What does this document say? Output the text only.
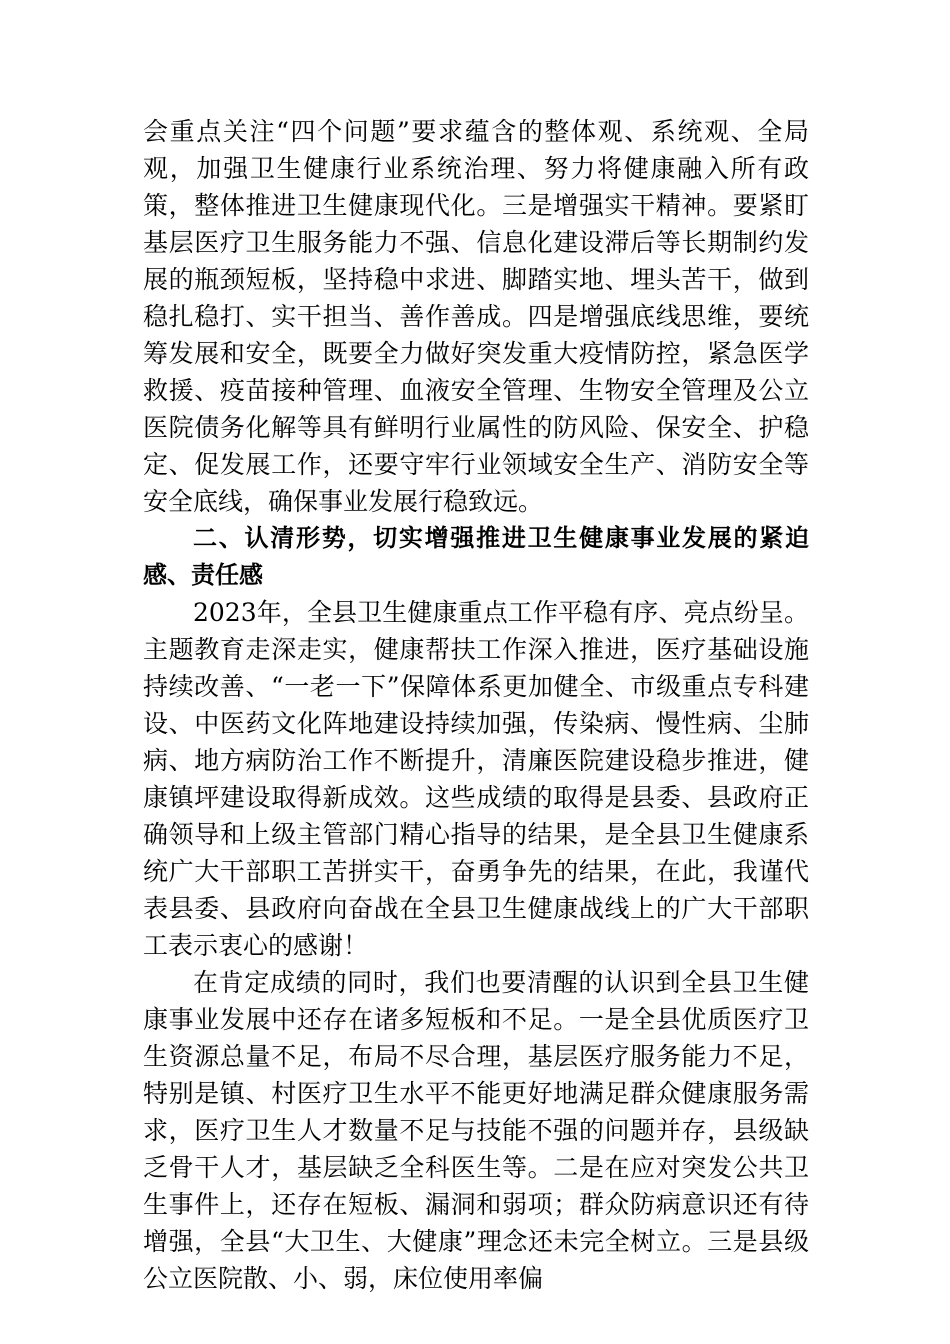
会重点关注“四个问题”要求蕴含的整体观、系统观、全局观，加强卫生健康行业系统治理、努力将健康融入所有政策，整体推进卫生健康现代化。三是增强实干精神。要紧盯基层医疗卫生服务能力不强、信息化建设滞后等长期制约发展的瓶颈短板，坚持稳中求进、脚踏实地、埋头苦干，做到稳扎稳打、实干担当、善作善成。四是增强底线思维，要统筹发展和安全，既要全力做好突发重大疫情防控，紧急医学救援、疫苗接种管理、血液安全管理、生物安全管理及公立医院债务化解等具有鲜明行业属性的防风险、保安全、护稳定、促发展工作，还要守牢行业领域安全生产、消防安全等安全底线，确保事业发展行稳致远。

二、认清形势，切实增强推进卫生健康事业发展的紧迫感、责任感

2023年，全县卫生健康重点工作平稳有序、亮点纷呈。主题教育走深走实，健康帮扶工作深入推进，医疗基础设施持续改善、“一老一下”保障体系更加健全、市级重点专科建设、中医药文化阵地建设持续加强，传染病、慢性病、尘肺病、地方病防治工作不断提升，清廉医院建设稳步推进，健康镇坪建设取得新成效。这些成绩的取得是县委、县政府正确领导和上级主管部门精心指导的结果，是全县卫生健康系统广大干部职工苦拼实干，奋勇争先的结果，在此，我谨代表县委、县政府向奋战在全县卫生健康战线上的广大干部职工表示衷心的感谢！

在肯定成绩的同时，我们也要清醒的认识到全县卫生健康事业发展中还存在诸多短板和不足。一是全县优质医疗卫生资源总量不足，布局不尽合理，基层医疗服务能力不足，特别是镇、村医疗卫生水平不能更好地满足群众健康服务需求，医疗卫生人才数量不足与技能不强的问题并存，县级缺乏骨干人才，基层缺乏全科医生等。二是在应对突发公共卫生事件上，还存在短板、漏洞和弱项；群众防病意识还有待增强，全县“大卫生、大健康”理念还未完全树立。三是县级公立医院散、小、弱，床位使用率偏
